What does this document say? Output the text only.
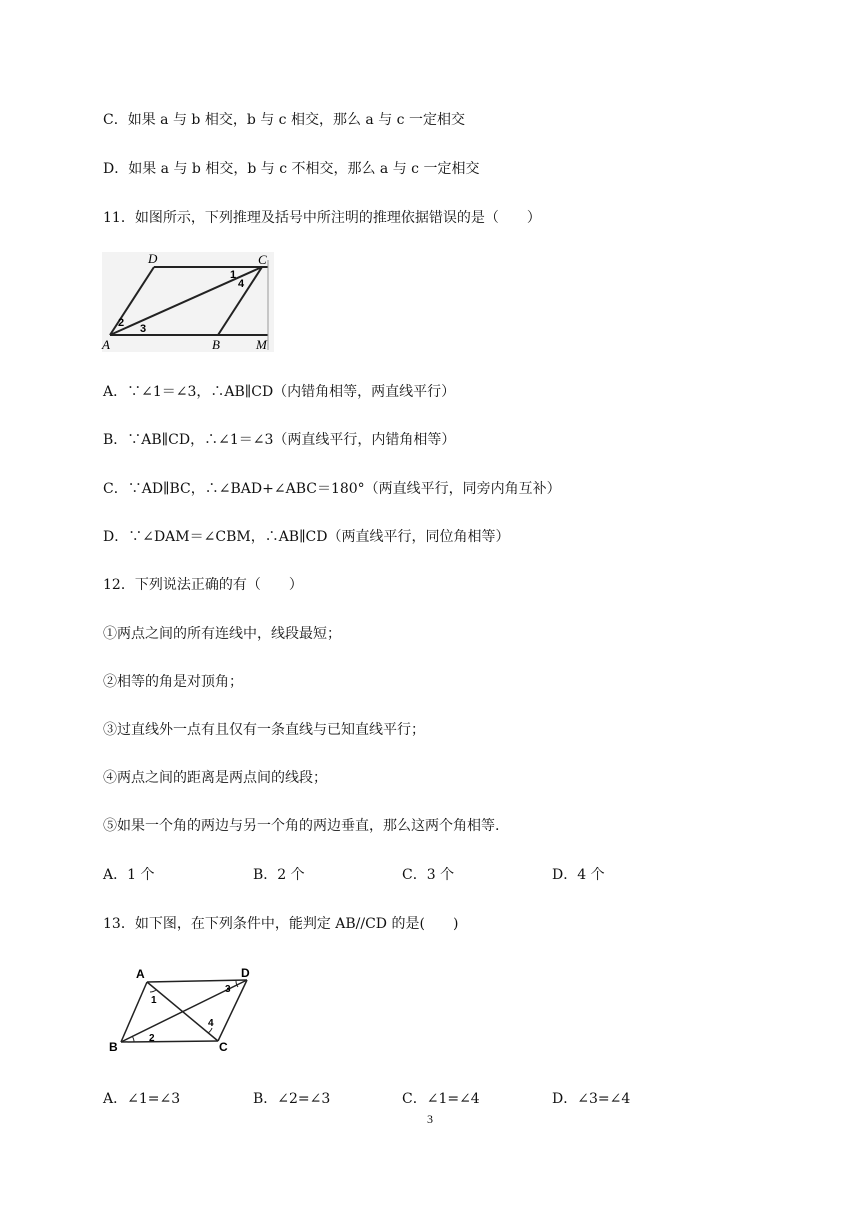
C．如果 a 与 b 相交，b 与 c 相交，那么 a 与 c 一定相交
D．如果 a 与 b 相交，b 与 c 不相交，那么 a 与 c 一定相交
11．如图所示，下列推理及括号中所注明的推理依据错误的是（　　）
D	C
A	B	M
1
2 3
4
A．∵∠1＝∠3，∴AB∥CD（内错角相等，两直线平行）
B．∵AB∥CD，∴∠1＝∠3（两直线平行，内错角相等）
C．∵AD∥BC，∴∠BAD+∠ABC＝180°（两直线平行，同旁内角互补）
D．∵∠DAM＝∠CBM，∴AB∥CD（两直线平行，同位角相等）
12．下列说法正确的有（　　）
①两点之间的所有连线中，线段最短；
②相等的角是对顶角；
③过直线外一点有且仅有一条直线与已知直线平行；
④两点之间的距离是两点间的线段；
⑤如果一个角的两边与另一个角的两边垂直，那么这两个角相等.
A．1 个	B．2 个	C．3 个	D．4 个
13．如下图，在下列条件中，能判定 AB//CD 的是(　　)
A	D
B	C
1
2
3
4
A．∠1=∠3	B．∠2=∠3	C．∠1=∠4	D．∠3=∠4
3
